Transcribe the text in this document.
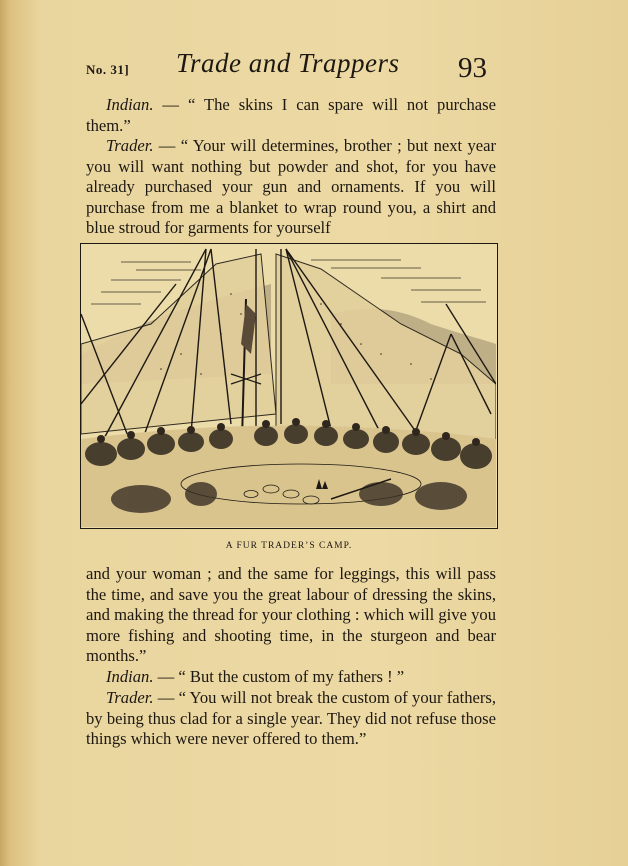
No. 31] Trade and Trappers 93

Indian. — “ The skins I can spare will not purchase them.”

Trader. — “ Your will determines, brother ; but next year you will want nothing but powder and shot, for you have already purchased your gun and ornaments. If you will purchase from me a blanket to wrap round you, a shirt and blue stroud for garments for yourself

A FUR TRADER’S CAMP.

and your woman ; and the same for leggings, this will pass the time, and save you the great labour of dressing the skins, and making the thread for your clothing : which will give you more fishing and shooting time, in the sturgeon and bear months.”

Indian. — “ But the custom of my fathers ! ”

Trader. — “ You will not break the custom of your fathers, by being thus clad for a single year. They did not refuse those things which were never offered to them.”
